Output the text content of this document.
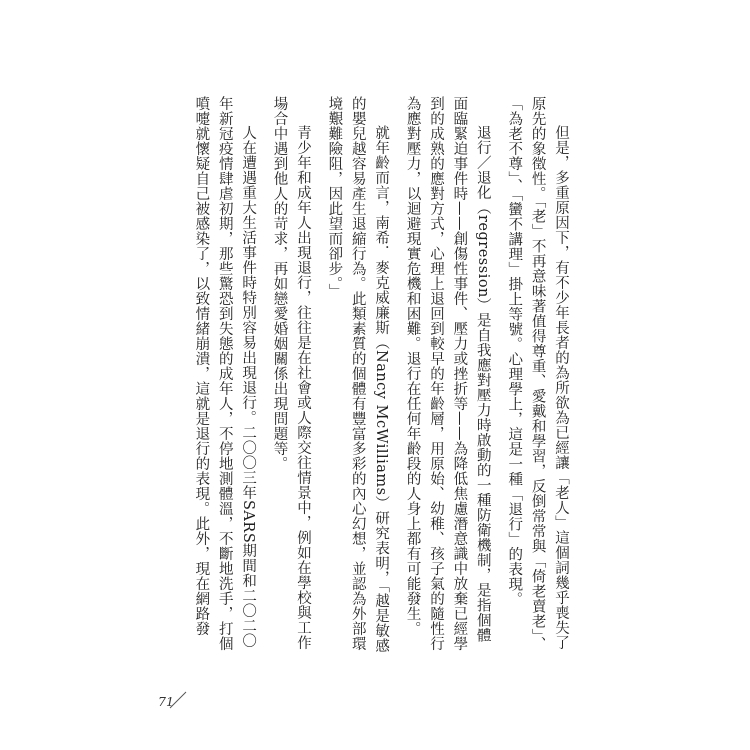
但是，多重原因下，有不少年長者的為所欲為已經讓「老人」這個詞幾乎喪失了原先的象徵性。「老」不再意味著值得尊重、愛戴和學習，反倒常常與「倚老賣老」、「為老不尊」、「蠻不講理」掛上等號。心理學上，這是一種「退行」的表現。

退行／退化（regression）是自我應對壓力時啟動的一種防衛機制，是指個體面臨緊迫事件時——創傷性事件、壓力或挫折等——為降低焦慮潛意識中放棄已經學到的成熟的應對方式，心理上退回到較早的年齡層，用原始、幼稚、孩子氣的隨性行為應對壓力，以迴避現實危機和困難。退行在任何年齡段的人身上都有可能發生。

就年齡而言，南希．麥克威廉斯（Nancy McWilliams）研究表明，「越是敏感的嬰兒越容易產生退縮行為。此類素質的個體有豐富多彩的內心幻想，並認為外部環境艱難險阻，因此望而卻步。」

青少年和成年人出現退行，往往是在社會或人際交往情景中，例如在學校與工作場合中遇到他人的苛求，再如戀愛婚姻關係出現問題等。

人在遭遇重大生活事件時特別容易出現退行。二〇〇三年SARS期間和二〇二〇年新冠疫情肆虐初期，那些驚恐到失態的成年人，不停地測體溫，不斷地洗手，打個噴嚏就懷疑自己被感染了，以致情緒崩潰，這就是退行的表現。此外，現在網路發

71
